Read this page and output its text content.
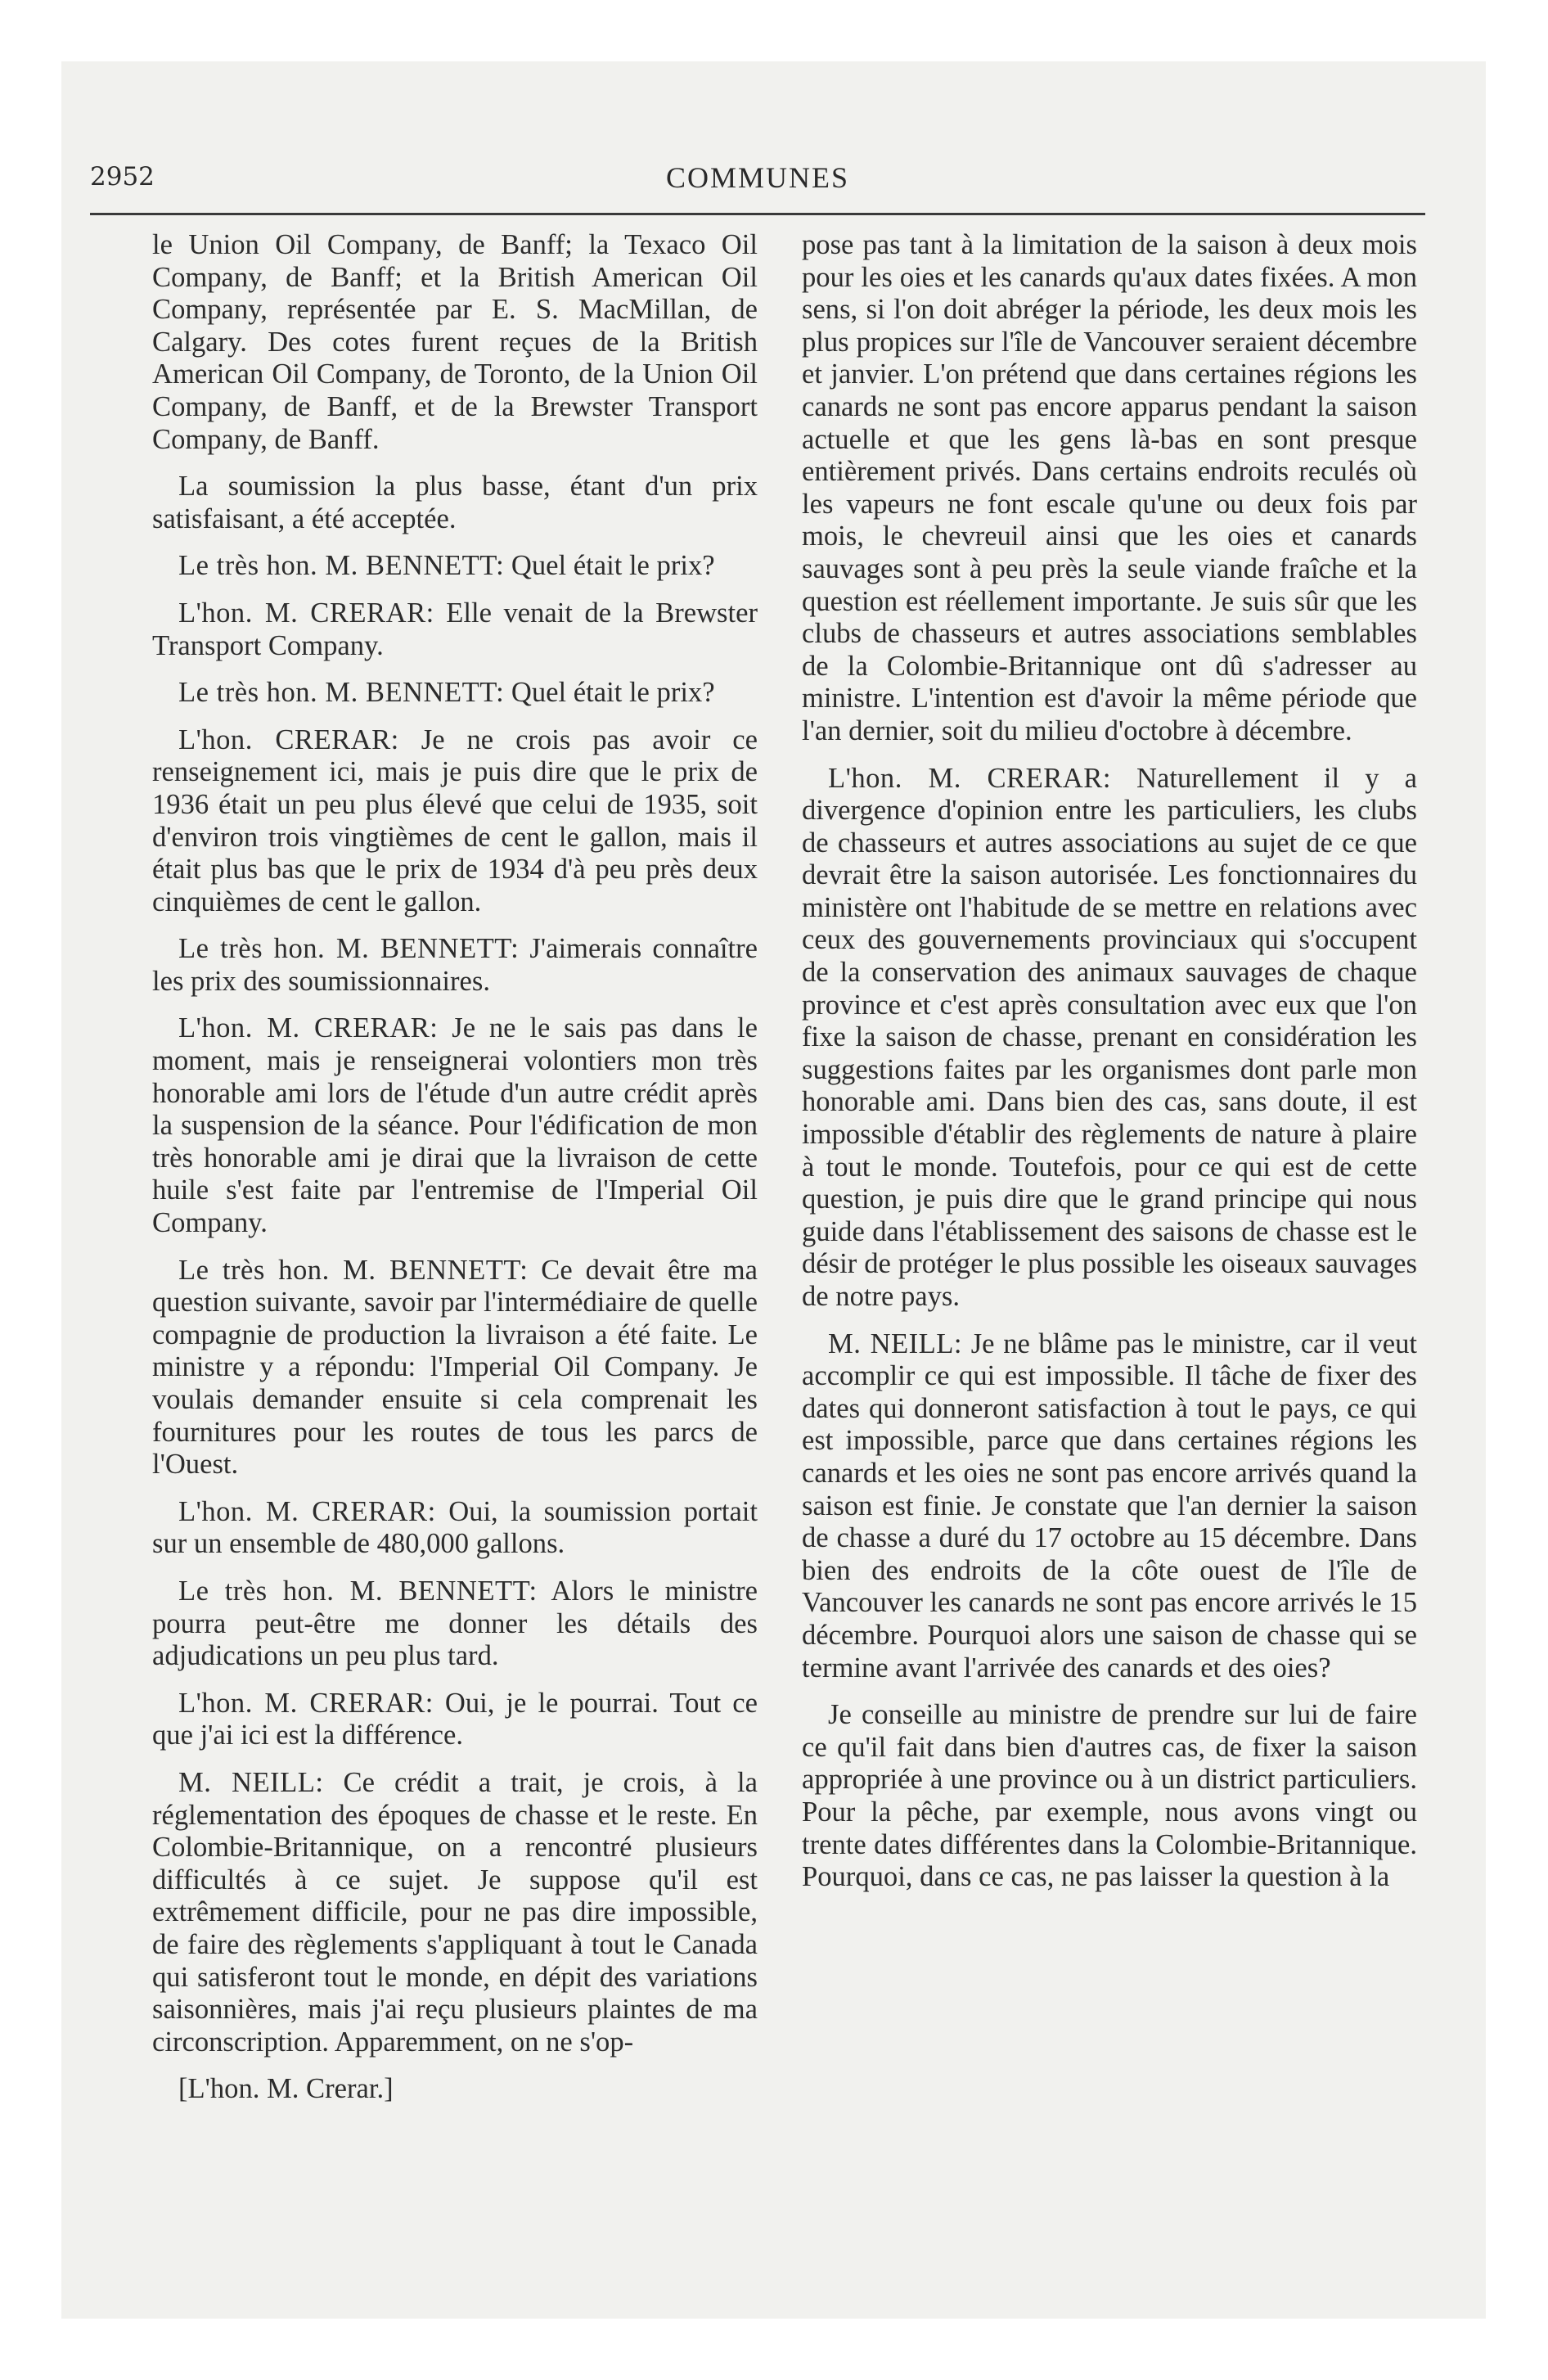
2952	COMMUNES

le Union Oil Company, de Banff; la Texaco Oil Company, de Banff; et la British American Oil Company, représentée par E. S. MacMillan, de Calgary. Des cotes furent reçues de la British American Oil Company, de Toronto, de la Union Oil Company, de Banff, et de la Brewster Transport Company, de Banff.

La soumission la plus basse, étant d'un prix satisfaisant, a été acceptée.

Le très hon. M. BENNETT: Quel était le prix?

L'hon. M. CRERAR: Elle venait de la Brewster Transport Company.

Le très hon. M. BENNETT: Quel était le prix?

L'hon. CRERAR: Je ne crois pas avoir ce renseignement ici, mais je puis dire que le prix de 1936 était un peu plus élevé que celui de 1935, soit d'environ trois vingtièmes de cent le gallon, mais il était plus bas que le prix de 1934 d'à peu près deux cinquièmes de cent le gallon.

Le très hon. M. BENNETT: J'aimerais connaître les prix des soumissionnaires.

L'hon. M. CRERAR: Je ne le sais pas dans le moment, mais je renseignerai volontiers mon très honorable ami lors de l'étude d'un autre crédit après la suspension de la séance. Pour l'édification de mon très honorable ami je dirai que la livraison de cette huile s'est faite par l'entremise de l'Imperial Oil Company.

Le très hon. M. BENNETT: Ce devait être ma question suivante, savoir par l'intermédiaire de quelle compagnie de production la livraison a été faite. Le ministre y a répondu: l'Imperial Oil Company. Je voulais demander ensuite si cela comprenait les fournitures pour les routes de tous les parcs de l'Ouest.

L'hon. M. CRERAR: Oui, la soumission portait sur un ensemble de 480,000 gallons.

Le très hon. M. BENNETT: Alors le ministre pourra peut-être me donner les détails des adjudications un peu plus tard.

L'hon. M. CRERAR: Oui, je le pourrai. Tout ce que j'ai ici est la différence.

M. NEILL: Ce crédit a trait, je crois, à la réglementation des époques de chasse et le reste. En Colombie-Britannique, on a rencontré plusieurs difficultés à ce sujet. Je suppose qu'il est extrêmement difficile, pour ne pas dire impossible, de faire des règlements s'appliquant à tout le Canada qui satisferont tout le monde, en dépit des variations saisonnières, mais j'ai reçu plusieurs plaintes de ma circonscription. Apparemment, on ne s'op-

[L'hon. M. Crerar.]

pose pas tant à la limitation de la saison à deux mois pour les oies et les canards qu'aux dates fixées. A mon sens, si l'on doit abréger la période, les deux mois les plus propices sur l'île de Vancouver seraient décembre et janvier. L'on prétend que dans certaines régions les canards ne sont pas encore apparus pendant la saison actuelle et que les gens là-bas en sont presque entièrement privés. Dans certains endroits reculés où les vapeurs ne font escale qu'une ou deux fois par mois, le chevreuil ainsi que les oies et canards sauvages sont à peu près la seule viande fraîche et la question est réellement importante. Je suis sûr que les clubs de chasseurs et autres associations semblables de la Colombie-Britannique ont dû s'adresser au ministre. L'intention est d'avoir la même période que l'an dernier, soit du milieu d'octobre à décembre.

L'hon. M. CRERAR: Naturellement il y a divergence d'opinion entre les particuliers, les clubs de chasseurs et autres associations au sujet de ce que devrait être la saison autorisée. Les fonctionnaires du ministère ont l'habitude de se mettre en relations avec ceux des gouvernements provinciaux qui s'occupent de la conservation des animaux sauvages de chaque province et c'est après consultation avec eux que l'on fixe la saison de chasse, prenant en considération les suggestions faites par les organismes dont parle mon honorable ami. Dans bien des cas, sans doute, il est impossible d'établir des règlements de nature à plaire à tout le monde. Toutefois, pour ce qui est de cette question, je puis dire que le grand principe qui nous guide dans l'établissement des saisons de chasse est le désir de protéger le plus possible les oiseaux sauvages de notre pays.

M. NEILL: Je ne blâme pas le ministre, car il veut accomplir ce qui est impossible. Il tâche de fixer des dates qui donneront satisfaction à tout le pays, ce qui est impossible, parce que dans certaines régions les canards et les oies ne sont pas encore arrivés quand la saison est finie. Je constate que l'an dernier la saison de chasse a duré du 17 octobre au 15 décembre. Dans bien des endroits de la côte ouest de l'île de Vancouver les canards ne sont pas encore arrivés le 15 décembre. Pourquoi alors une saison de chasse qui se termine avant l'arrivée des canards et des oies?

Je conseille au ministre de prendre sur lui de faire ce qu'il fait dans bien d'autres cas, de fixer la saison appropriée à une province ou à un district particuliers. Pour la pêche, par exemple, nous avons vingt ou trente dates différentes dans la Colombie-Britannique. Pourquoi, dans ce cas, ne pas laisser la question à la
